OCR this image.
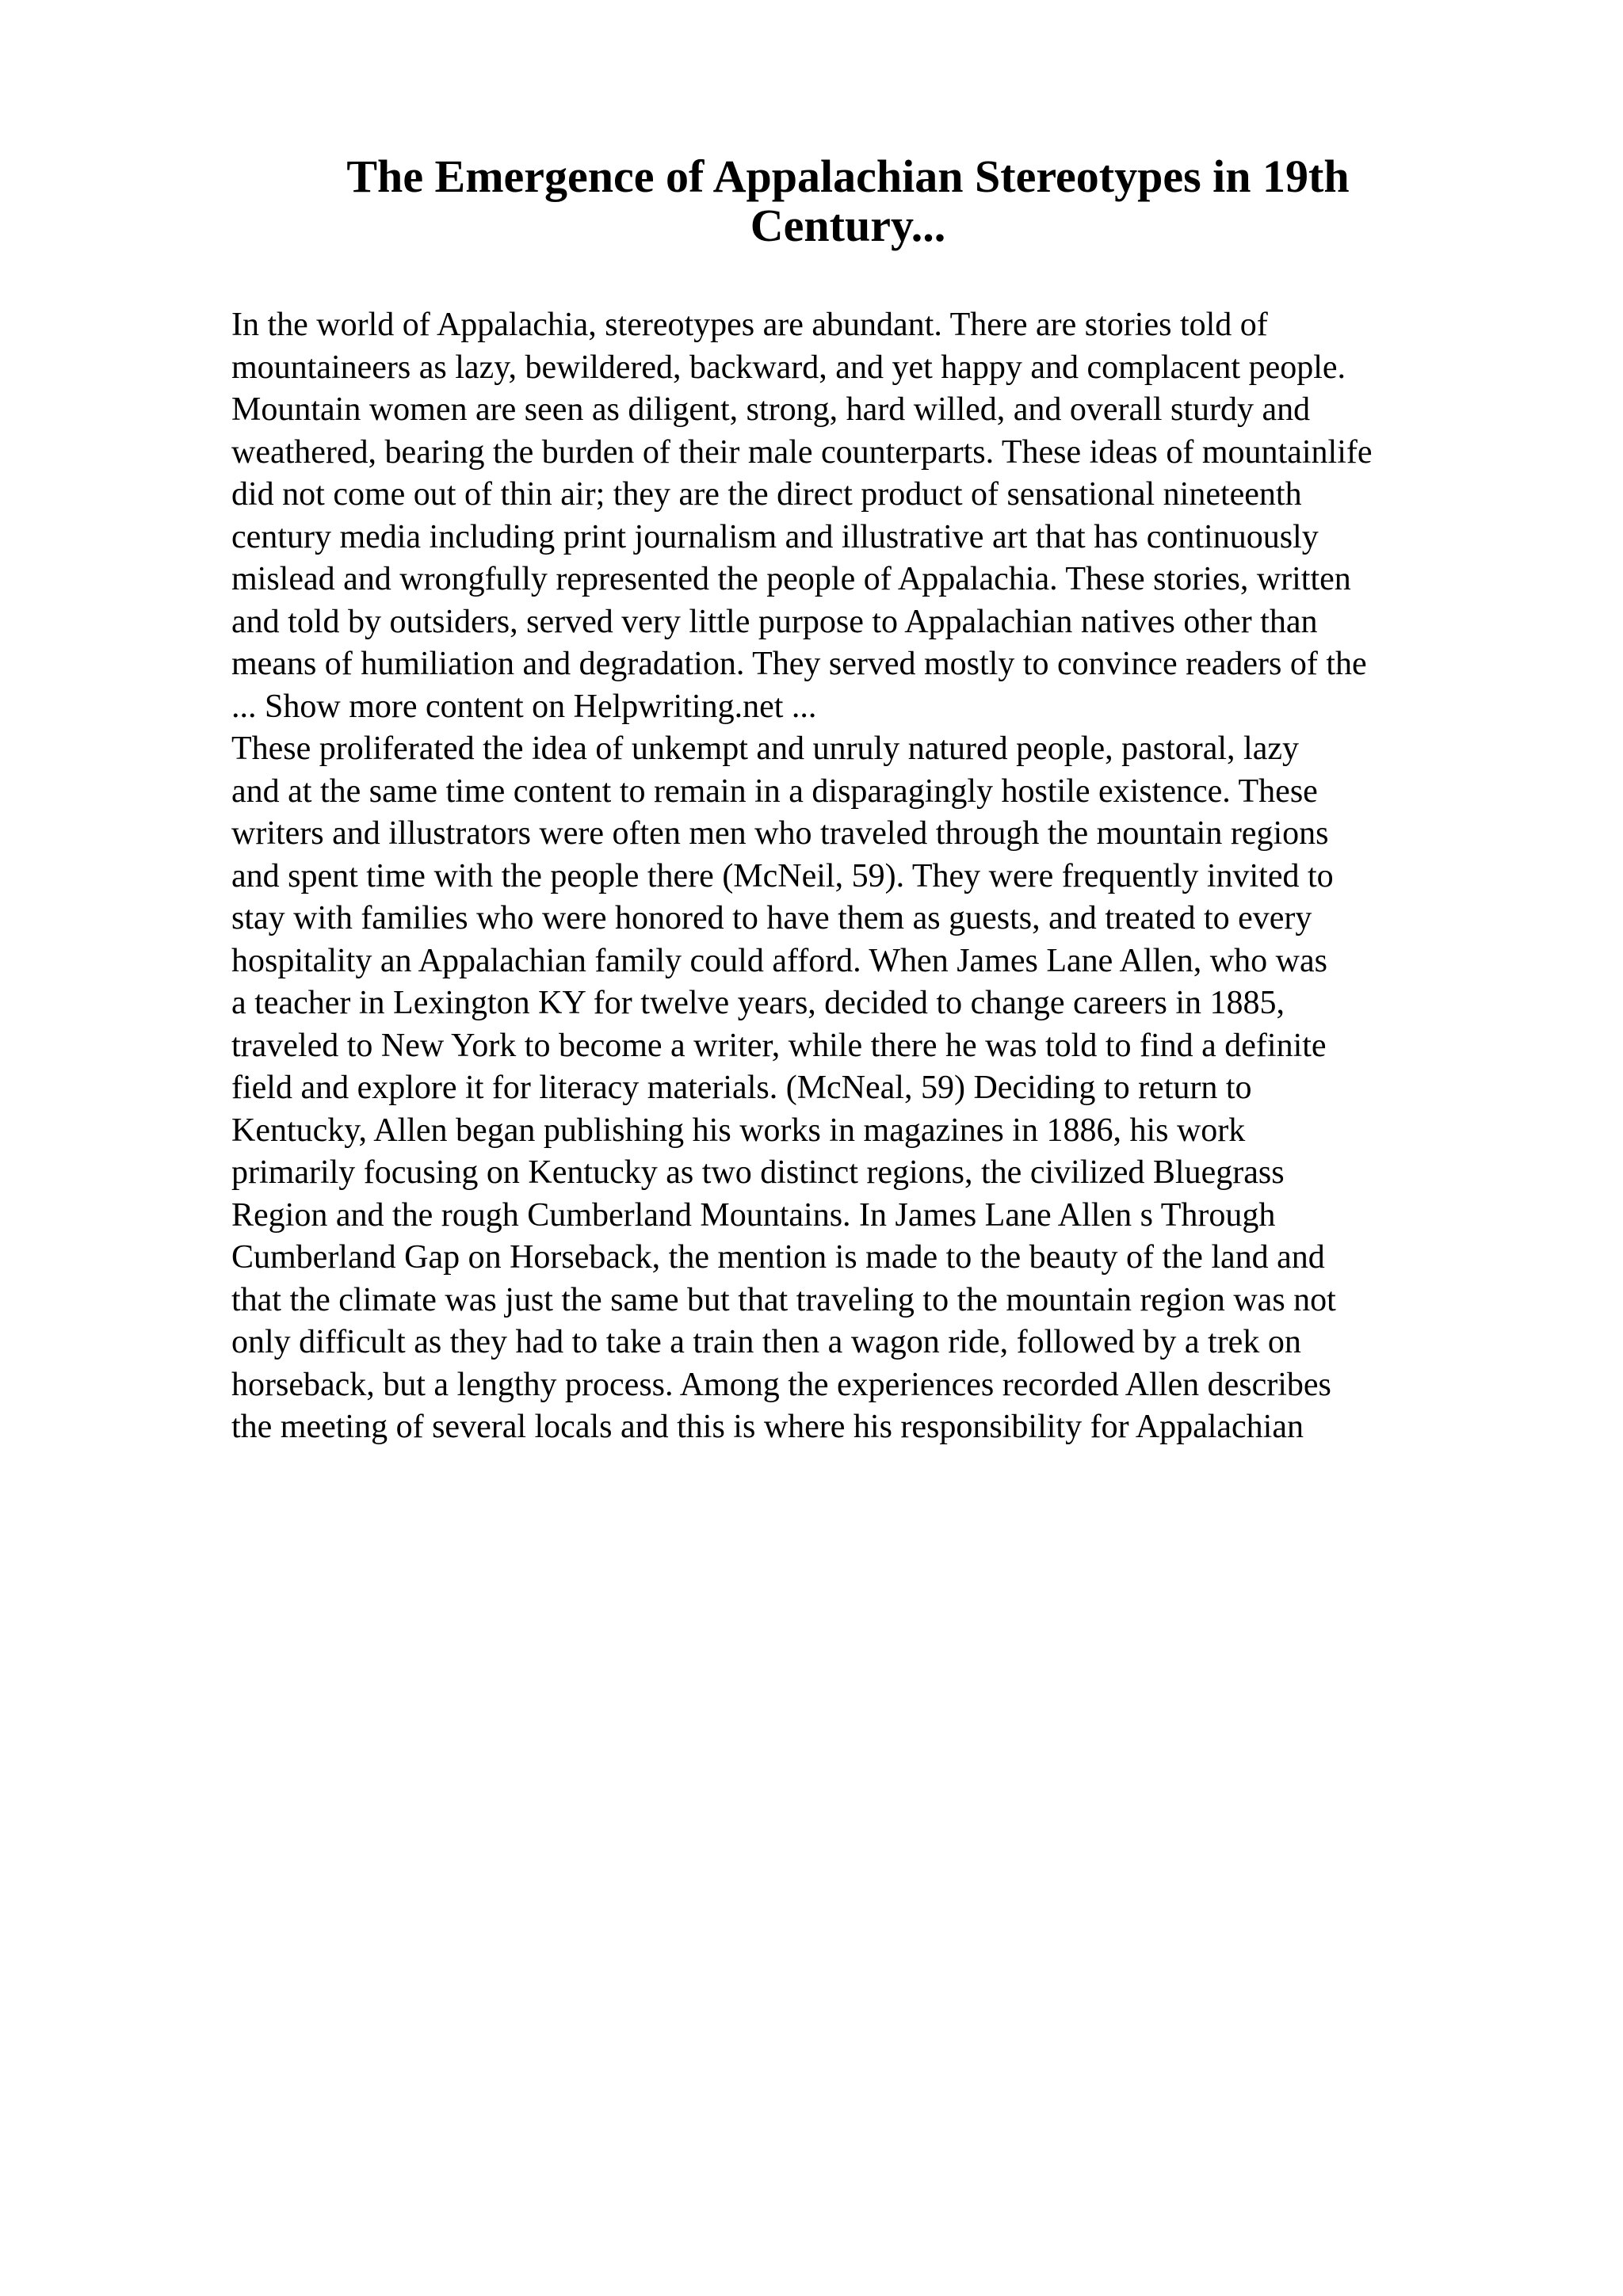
The Emergence of Appalachian Stereotypes in 19th Century...
In the world of Appalachia, stereotypes are abundant. There are stories told of
mountaineers as lazy, bewildered, backward, and yet happy and complacent people.
Mountain women are seen as diligent, strong, hard willed, and overall sturdy and
weathered, bearing the burden of their male counterparts. These ideas of mountainlife
did not come out of thin air; they are the direct product of sensational nineteenth
century media including print journalism and illustrative art that has continuously
mislead and wrongfully represented the people of Appalachia. These stories, written
and told by outsiders, served very little purpose to Appalachian natives other than
means of humiliation and degradation. They served mostly to convince readers of the
... Show more content on Helpwriting.net ...
These proliferated the idea of unkempt and unruly natured people, pastoral, lazy
and at the same time content to remain in a disparagingly hostile existence. These
writers and illustrators were often men who traveled through the mountain regions
and spent time with the people there (McNeil, 59). They were frequently invited to
stay with families who were honored to have them as guests, and treated to every
hospitality an Appalachian family could afford. When James Lane Allen, who was
a teacher in Lexington KY for twelve years, decided to change careers in 1885,
traveled to New York to become a writer, while there he was told to find a definite
field and explore it for literacy materials. (McNeal, 59) Deciding to return to
Kentucky, Allen began publishing his works in magazines in 1886, his work
primarily focusing on Kentucky as two distinct regions, the civilized Bluegrass
Region and the rough Cumberland Mountains. In James Lane Allen s Through
Cumberland Gap on Horseback, the mention is made to the beauty of the land and
that the climate was just the same but that traveling to the mountain region was not
only difficult as they had to take a train then a wagon ride, followed by a trek on
horseback, but a lengthy process. Among the experiences recorded Allen describes
the meeting of several locals and this is where his responsibility for Appalachian
